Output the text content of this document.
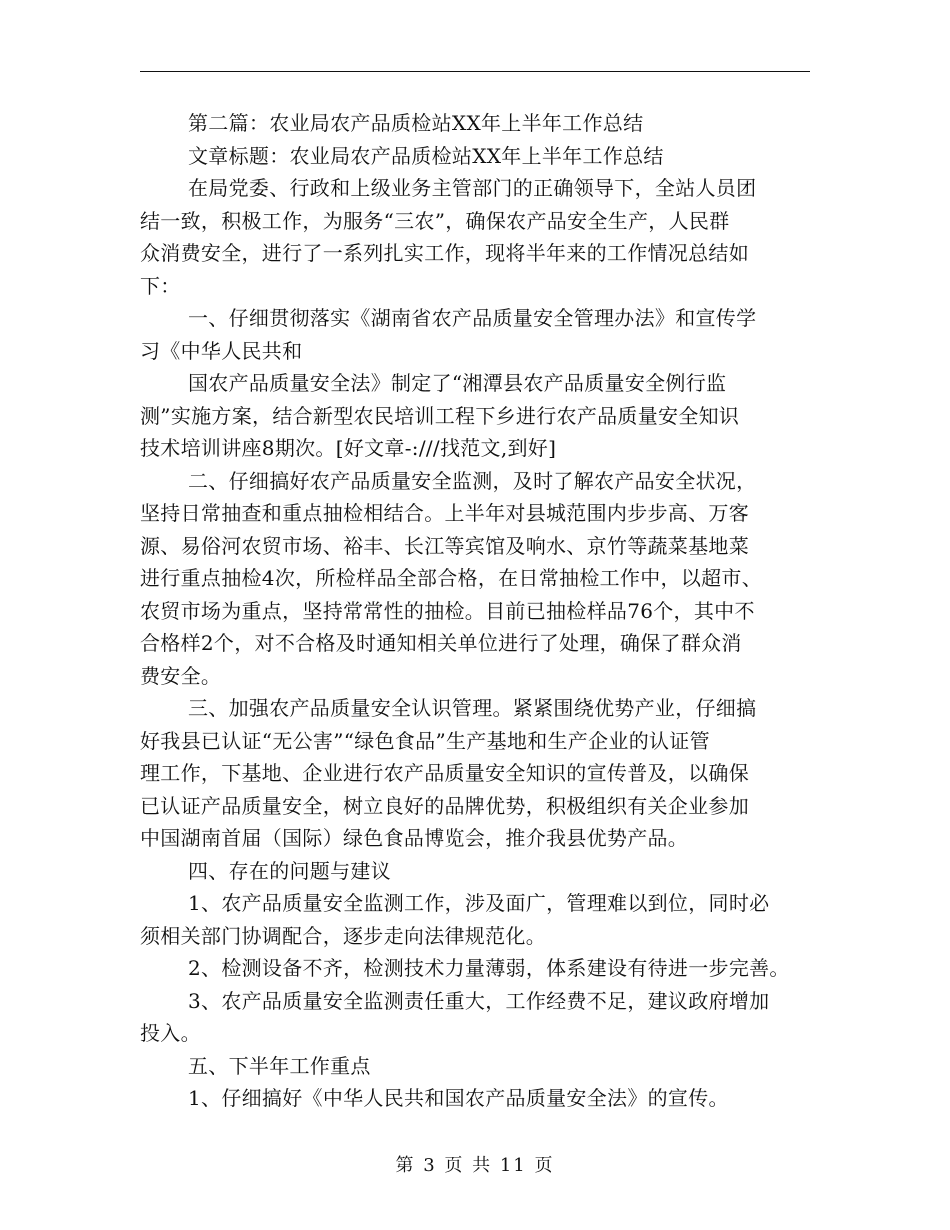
第二篇：农业局农产品质检站XX年上半年工作总结
文章标题：农业局农产品质检站XX年上半年工作总结
在局党委、行政和上级业务主管部门的正确领导下，全站人员团
结一致，积极工作，为服务“三农”，确保农产品安全生产，人民群
众消费安全，进行了一系列扎实工作，现将半年来的工作情况总结如
下：
一、仔细贯彻落实《湖南省农产品质量安全管理办法》和宣传学
习《中华人民共和
国农产品质量安全法》制定了“湘潭县农产品质量安全例行监
测”实施方案，结合新型农民培训工程下乡进行农产品质量安全知识
技术培训讲座8期次。[好文章-:///找范文,到好]
二、仔细搞好农产品质量安全监测，及时了解农产品安全状况，
坚持日常抽查和重点抽检相结合。上半年对县城范围内步步高、万客
源、易俗河农贸市场、裕丰、长江等宾馆及响水、京竹等蔬菜基地菜
进行重点抽检4次，所检样品全部合格，在日常抽检工作中，以超市、
农贸市场为重点，坚持常常性的抽检。目前已抽检样品76个，其中不
合格样2个，对不合格及时通知相关单位进行了处理，确保了群众消
费安全。
三、加强农产品质量安全认识管理。紧紧围绕优势产业，仔细搞
好我县已认证“无公害”“绿色食品”生产基地和生产企业的认证管
理工作，下基地、企业进行农产品质量安全知识的宣传普及，以确保
已认证产品质量安全，树立良好的品牌优势，积极组织有关企业参加
中国湖南首届（国际）绿色食品博览会，推介我县优势产品。
四、存在的问题与建议
1、农产品质量安全监测工作，涉及面广，管理难以到位，同时必
须相关部门协调配合，逐步走向法律规范化。
2、检测设备不齐，检测技术力量薄弱，体系建设有待进一步完善。
3、农产品质量安全监测责任重大，工作经费不足，建议政府增加
投入。
五、下半年工作重点
1、仔细搞好《中华人民共和国农产品质量安全法》的宣传。
第 3 页 共 11 页
